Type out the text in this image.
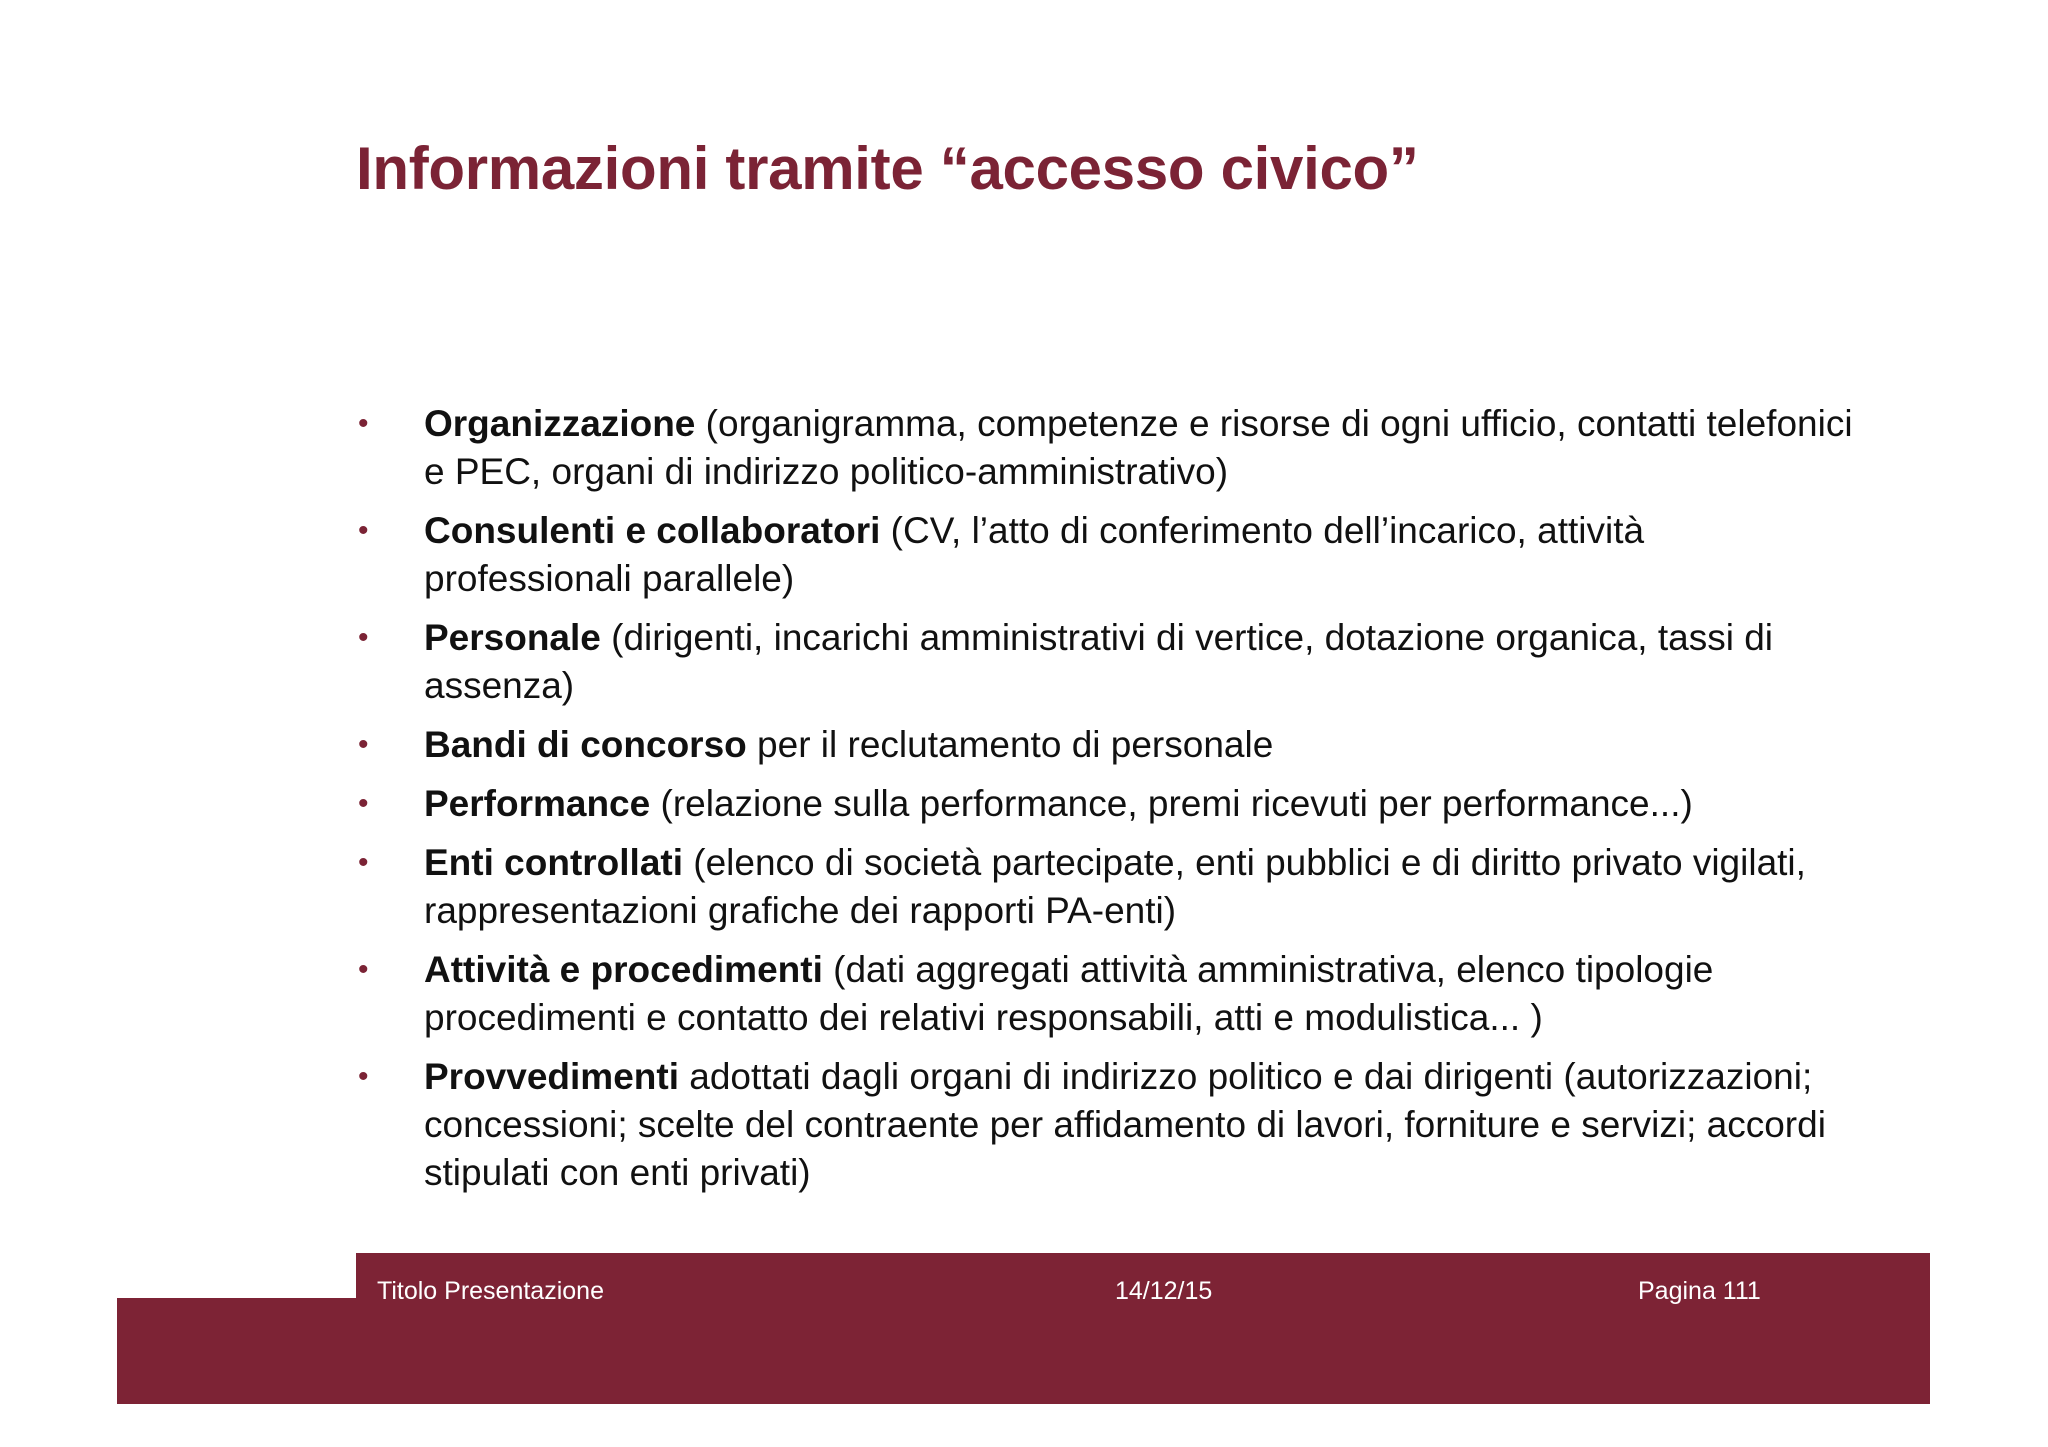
Informazioni tramite “accesso civico”
• Organizzazione (organigramma, competenze e risorse di ogni ufficio, contatti telefonici e PEC, organi di indirizzo politico-amministrativo)
• Consulenti e collaboratori (CV, l’atto di conferimento dell’incarico, attività professionali parallele)
• Personale (dirigenti, incarichi amministrativi di vertice, dotazione organica, tassi di assenza)
• Bandi di concorso per il reclutamento di personale
• Performance (relazione sulla performance, premi ricevuti per performance...)
• Enti controllati (elenco di società partecipate, enti pubblici e di diritto privato vigilati, rappresentazioni grafiche dei rapporti PA-enti)
• Attività e procedimenti (dati aggregati attività amministrativa, elenco tipologie procedimenti e contatto dei relativi responsabili, atti e modulistica... )
• Provvedimenti adottati dagli organi di indirizzo politico e dai dirigenti (autorizzazioni; concessioni; scelte del contraente per affidamento di lavori, forniture e servizi; accordi stipulati con enti privati)
Titolo Presentazione	14/12/15	Pagina 111
